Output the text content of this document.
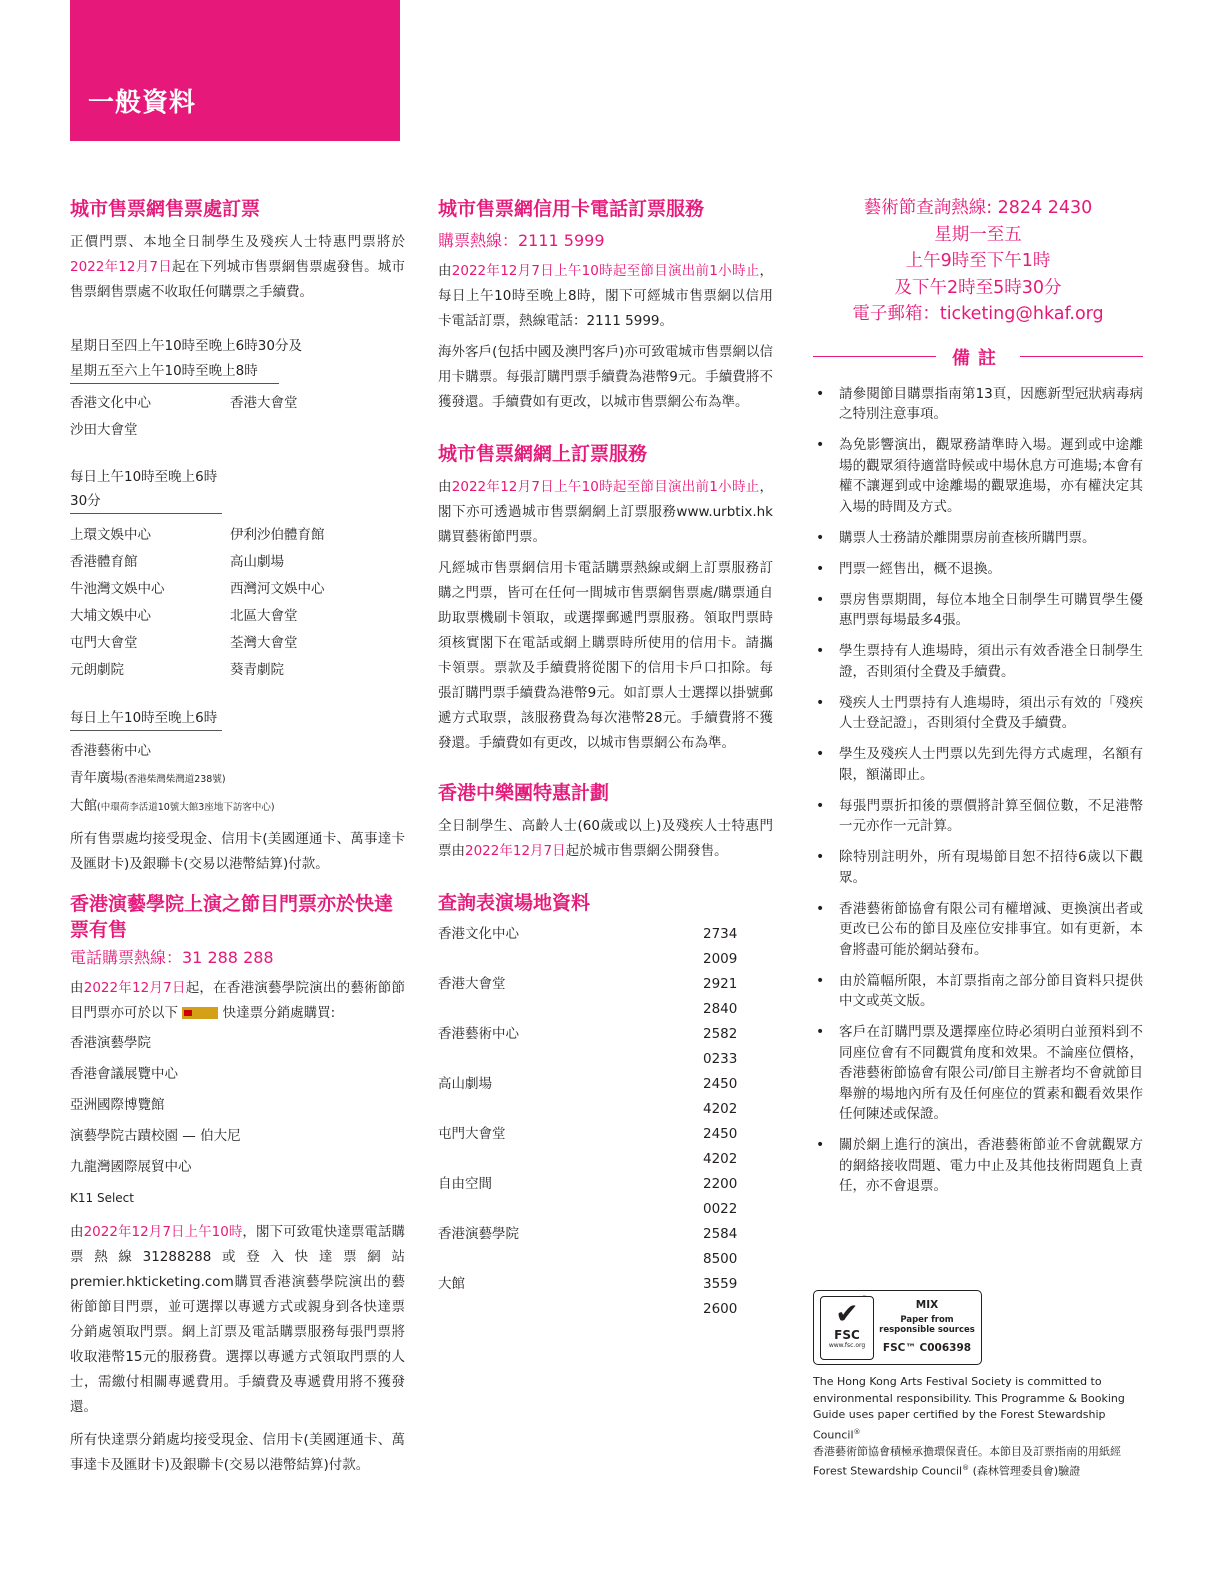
一般資料
城市售票網售票處訂票

正價門票、本地全日制學生及殘疾人士特惠門票將於2022年12月7日起在下列城市售票網售票處發售。城市售票網售票處不收取任何購票之手續費。

星期日至四上午10時至晚上6時30分及
星期五至六上午10時至晚上8時
香港文化中心	香港大會堂
沙田大會堂
每日上午10時至晚上6時30分
上環文娛中心	伊利沙伯體育館
香港體育館	高山劇場
牛池灣文娛中心	西灣河文娛中心
大埔文娛中心	北區大會堂
屯門大會堂	荃灣大會堂
元朗劇院	葵青劇院
每日上午10時至晚上6時
香港藝術中心
青年廣場(香港柴灣柴灣道238號)
大館(中環荷李活道10號大館3座地下訪客中心)

所有售票處均接受現金、信用卡(美國運通卡、萬事達卡及匯財卡)及銀聯卡(交易以港幣結算)付款。

香港演藝學院上演之節目門票亦於快達票有售
電話購票熱線：31 288 288

由2022年12月7日起，在香港演藝學院演出的藝術節節目門票亦可於以下	快達票分銷處購買:

香港演藝學院
香港會議展覽中心
亞洲國際博覽館
演藝學院古蹟校園 — 伯大尼
九龍灣國際展貿中心
K11 Select

由2022年12月7日上午10時，閣下可致電快達票電話購票熱線31288288或登入快達票網站premier.hkticketing.com購買香港演藝學院演出的藝術節節目門票，並可選擇以專遞方式或親身到各快達票分銷處領取門票。網上訂票及電話購票服務每張門票將收取港幣15元的服務費。選擇以專遞方式領取門票的人士，需繳付相關專遞費用。手續費及專遞費用將不獲發還。

所有快達票分銷處均接受現金、信用卡(美國運通卡、萬事達卡及匯財卡)及銀聯卡(交易以港幣結算)付款。

城市售票網信用卡電話訂票服務
購票熱線：2111 5999

由2022年12月7日上午10時起至節目演出前1小時止，每日上午10時至晚上8時，閣下可經城市售票網以信用卡電話訂票，熱線電話：2111 5999。

海外客戶(包括中國及澳門客戶)亦可致電城市售票網以信用卡購票。每張訂購門票手續費為港幣9元。手續費將不獲發還。手續費如有更改，以城市售票網公布為準。

城市售票網網上訂票服務

由2022年12月7日上午10時起至節目演出前1小時止，閣下亦可透過城市售票網網上訂票服務www.urbtix.hk購買藝術節門票。

凡經城市售票網信用卡電話購票熱線或網上訂票服務訂購之門票，皆可在任何一間城市售票網售票處/購票通自助取票機刷卡領取，或選擇郵遞門票服務。領取門票時須核實閣下在電話或網上購票時所使用的信用卡。請攜卡領票。票款及手續費將從閣下的信用卡戶口扣除。每張訂購門票手續費為港幣9元。如訂票人士選擇以掛號郵遞方式取票，該服務費為每次港幣28元。手續費將不獲發還。手續費如有更改，以城市售票網公布為準。

香港中樂團特惠計劃

全日制學生、高齡人士(60歲或以上)及殘疾人士特惠門票由2022年12月7日起於城市售票網公開發售。

查詢表演場地資料
香港文化中心	2734 2009
香港大會堂	2921 2840
香港藝術中心	2582 0233
高山劇場	2450 4202
屯門大會堂	2450 4202
自由空間	2200 0022
香港演藝學院	2584 8500
大館	3559 2600
藝術節查詢熱線: 2824 2430
星期一至五
上午9時至下午1時
及下午2時至5時30分
電子郵箱：ticketing@hkaf.org
備註
• 請參閱節目購票指南第13頁，因應新型冠狀病毒病之特別注意事項。
• 為免影響演出，觀眾務請準時入場。遲到或中途離場的觀眾須待適當時候或中場休息方可進場;本會有權不讓遲到或中途離場的觀眾進場，亦有權決定其入場的時間及方式。
• 購票人士務請於離開票房前查核所購門票。
• 門票一經售出，概不退換。
• 票房售票期間，每位本地全日制學生可購買學生優惠門票每場最多4張。
• 學生票持有人進場時，須出示有效香港全日制學生證，否則須付全費及手續費。
• 殘疾人士門票持有人進場時，須出示有效的「殘疾人士登記證」，否則須付全費及手續費。
• 學生及殘疾人士門票以先到先得方式處理，名額有限，額滿即止。
• 每張門票折扣後的票價將計算至個位數，不足港幣一元亦作一元計算。
• 除特別註明外，所有現場節目恕不招待6歲以下觀眾。
• 香港藝術節協會有限公司有權增減、更換演出者或更改已公布的節目及座位安排事宜。如有更新，本會將盡可能於網站發布。
• 由於篇幅所限，本訂票指南之部分節目資料只提供中文或英文版。
• 客戶在訂購門票及選擇座位時必須明白並預料到不同座位會有不同觀賞角度和效果。不論座位價格，香港藝術節協會有限公司/節目主辦者均不會就節目舉辦的場地內所有及任何座位的質素和觀看效果作任何陳述或保證。
• 關於網上進行的演出，香港藝術節並不會就觀眾方的網絡接收問題、電力中止及其他技術問題負上責任，亦不會退票。
✔
FSC
www.fsc.org
™
MIX
Paper from
responsible sources
FSC™ C006398
The Hong Kong Arts Festival Society is committed to environmental responsibility. This Programme & Booking Guide uses paper certified by the Forest Stewardship Council®
香港藝術節協會積極承擔環保責任。本節目及訂票指南的用紙經Forest Stewardship Council® (森林管理委員會)驗證
